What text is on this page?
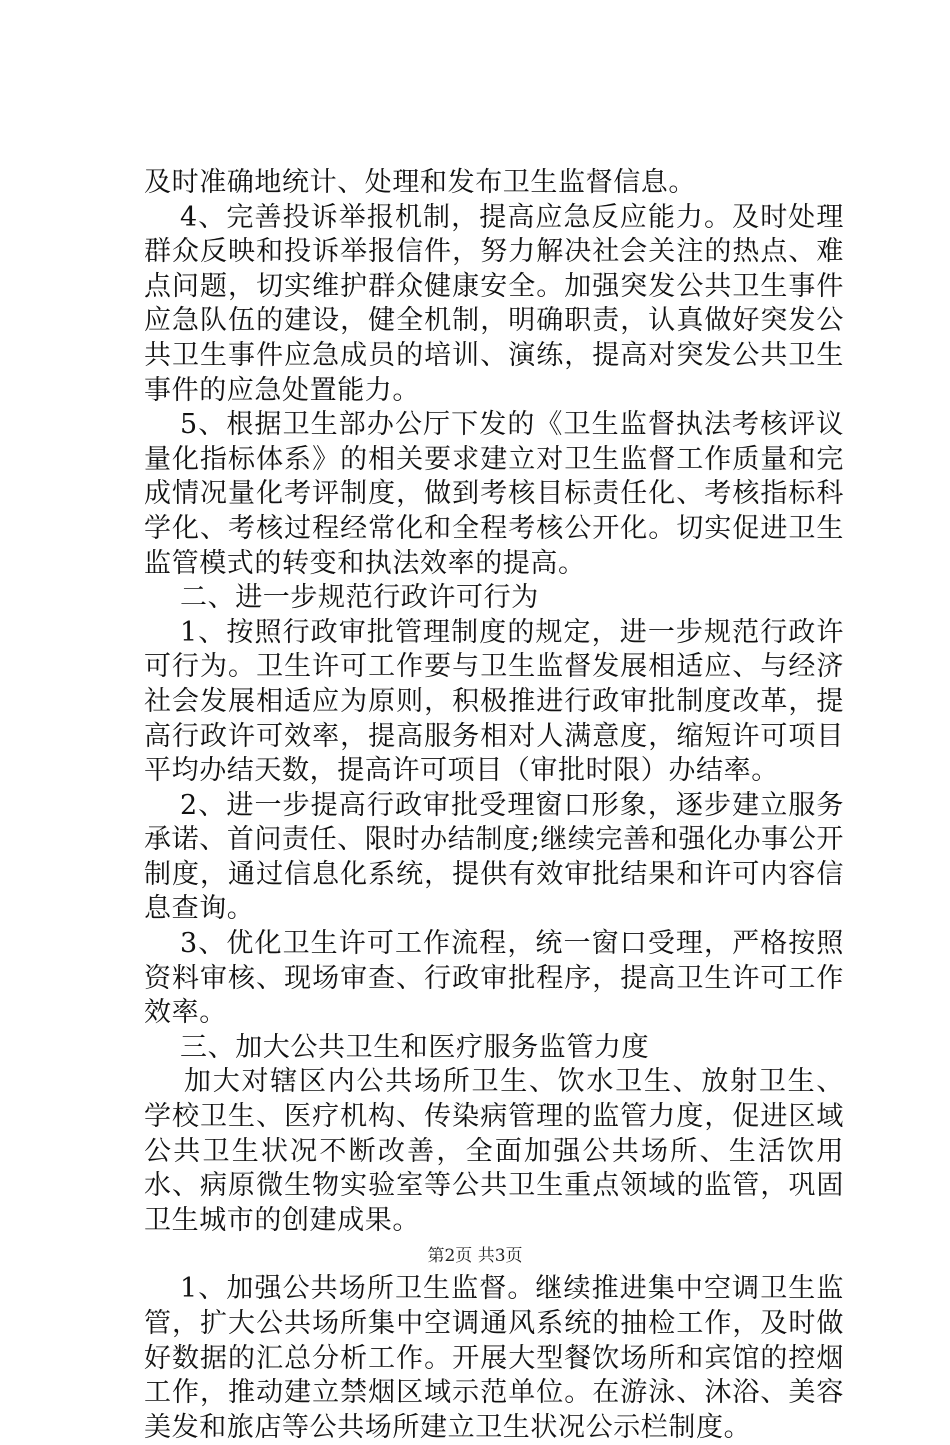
及时准确地统计、处理和发布卫生监督信息。

4、完善投诉举报机制，提高应急反应能力。及时处理群众反映和投诉举报信件，努力解决社会关注的热点、难点问题，切实维护群众健康安全。加强突发公共卫生事件应急队伍的建设，健全机制，明确职责，认真做好突发公共卫生事件应急成员的培训、演练，提高对突发公共卫生事件的应急处置能力。

5、根据卫生部办公厅下发的《卫生监督执法考核评议量化指标体系》的相关要求建立对卫生监督工作质量和完成情况量化考评制度，做到考核目标责任化、考核指标科学化、考核过程经常化和全程考核公开化。切实促进卫生监管模式的转变和执法效率的提高。

二、进一步规范行政许可行为

1、按照行政审批管理制度的规定，进一步规范行政许可行为。卫生许可工作要与卫生监督发展相适应、与经济社会发展相适应为原则，积极推进行政审批制度改革，提高行政许可效率，提高服务相对人满意度，缩短许可项目平均办结天数，提高许可项目（审批时限）办结率。

2、进一步提高行政审批受理窗口形象，逐步建立服务承诺、首问责任、限时办结制度;继续完善和强化办事公开制度，通过信息化系统，提供有效审批结果和许可内容信息查询。

3、优化卫生许可工作流程，统一窗口受理，严格按照资料审核、现场审查、行政审批程序，提高卫生许可工作效率。

三、加大公共卫生和医疗服务监管力度

加大对辖区内公共场所卫生、饮水卫生、放射卫生、学校卫生、医疗机构、传染病管理的监管力度，促进区域公共卫生状况不断改善，全面加强公共场所、生活饮用水、病原微生物实验室等公共卫生重点领域的监管，巩固卫生城市的创建成果。

1、加强公共场所卫生监督。继续推进集中空调卫生监管，扩大公共场所集中空调通风系统的抽检工作，及时做好数据的汇总分析工作。开展大型餐饮场所和宾馆的控烟工作，推动建立禁烟区域示范单位。在游泳、沐浴、美容美发和旅店等公共场所建立卫生状况公示栏制度。

第2页 共3页
